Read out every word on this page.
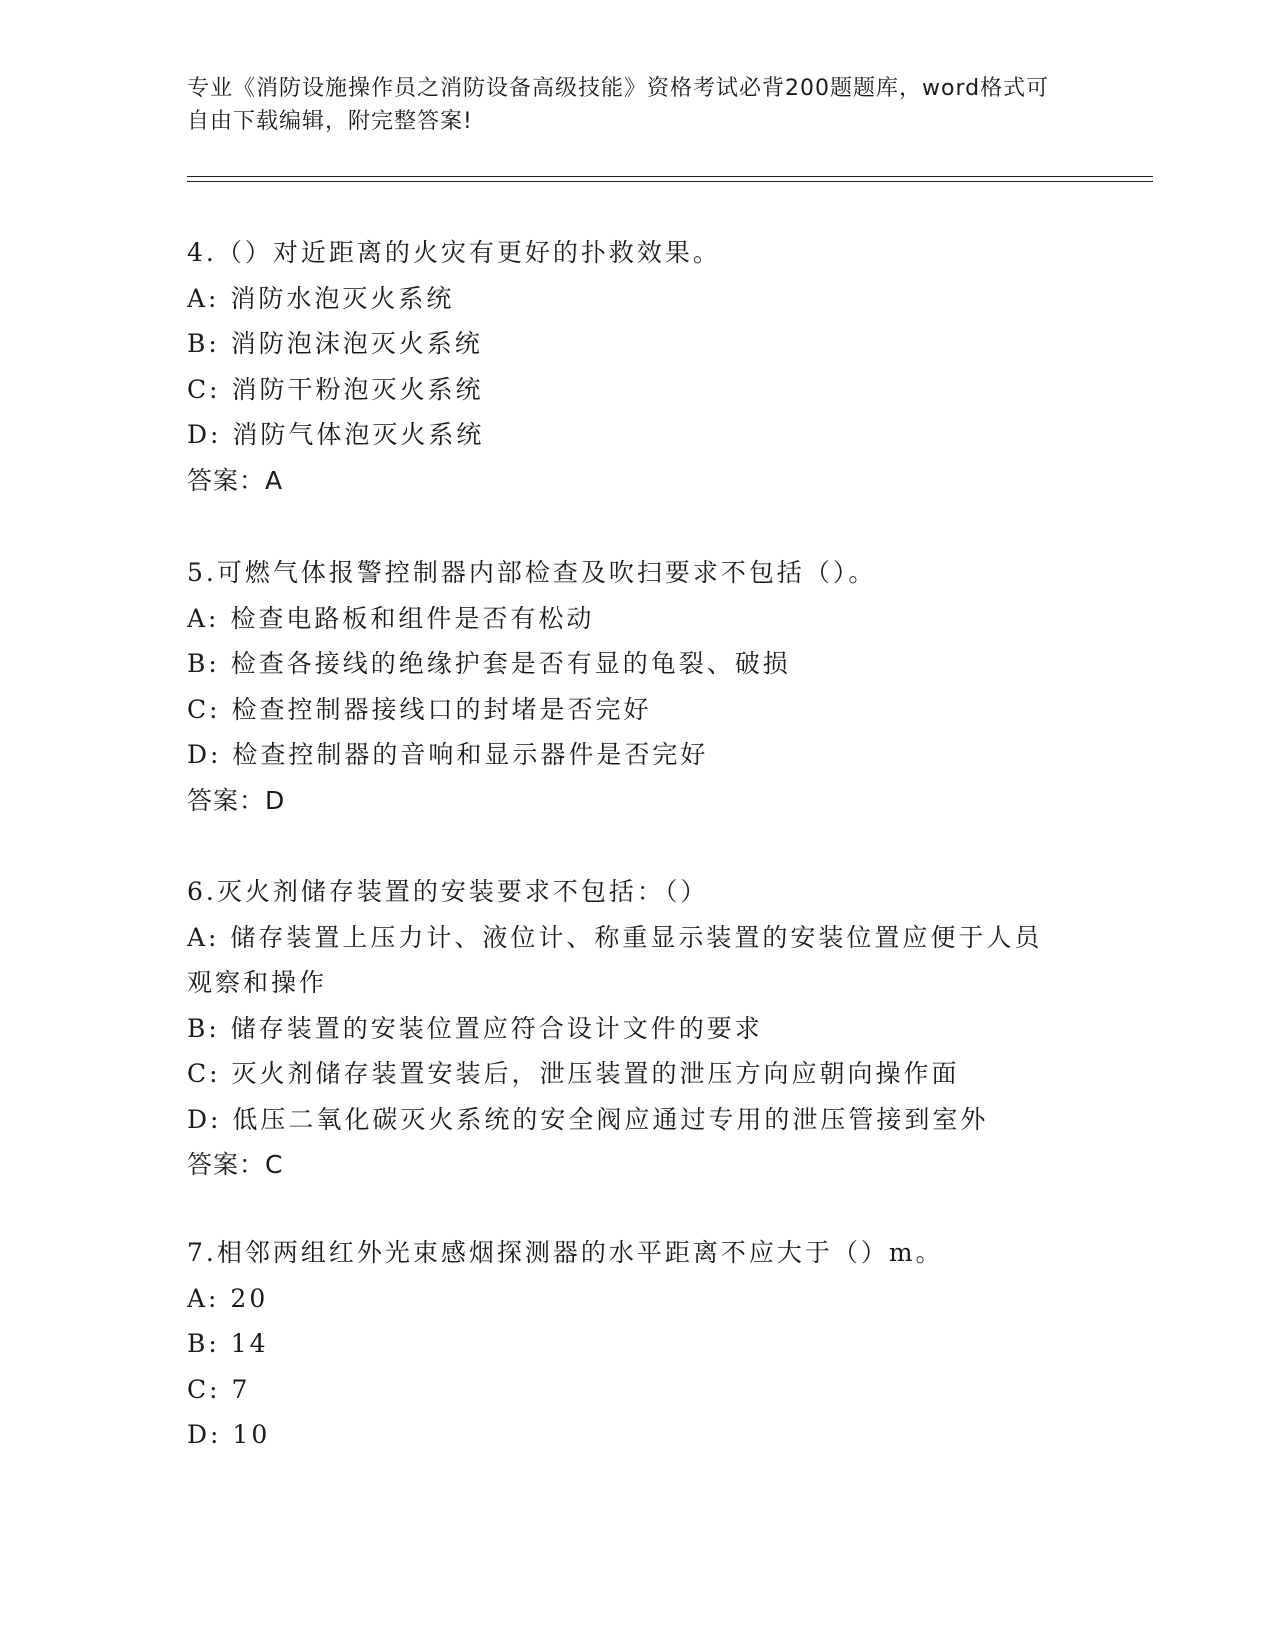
专业《消防设施操作员之消防设备高级技能》资格考试必背200题题库，word格式可自由下载编辑，附完整答案!
4.（）对近距离的火灾有更好的扑救效果。
A: 消防水泡灭火系统
B: 消防泡沫泡灭火系统
C: 消防干粉泡灭火系统
D: 消防气体泡灭火系统
答案：A
5.可燃气体报警控制器内部检查及吹扫要求不包括（）。
A: 检查电路板和组件是否有松动
B: 检查各接线的绝缘护套是否有显的龟裂、破损
C: 检查控制器接线口的封堵是否完好
D: 检查控制器的音响和显示器件是否完好
答案：D
6.灭火剂储存装置的安装要求不包括：（）
A: 储存装置上压力计、液位计、称重显示装置的安装位置应便于人员观察和操作
B: 储存装置的安装位置应符合设计文件的要求
C: 灭火剂储存装置安装后，泄压装置的泄压方向应朝向操作面
D: 低压二氧化碳灭火系统的安全阀应通过专用的泄压管接到室外
答案：C
7.相邻两组红外光束感烟探测器的水平距离不应大于（）m。
A: 20
B: 14
C: 7
D: 10
